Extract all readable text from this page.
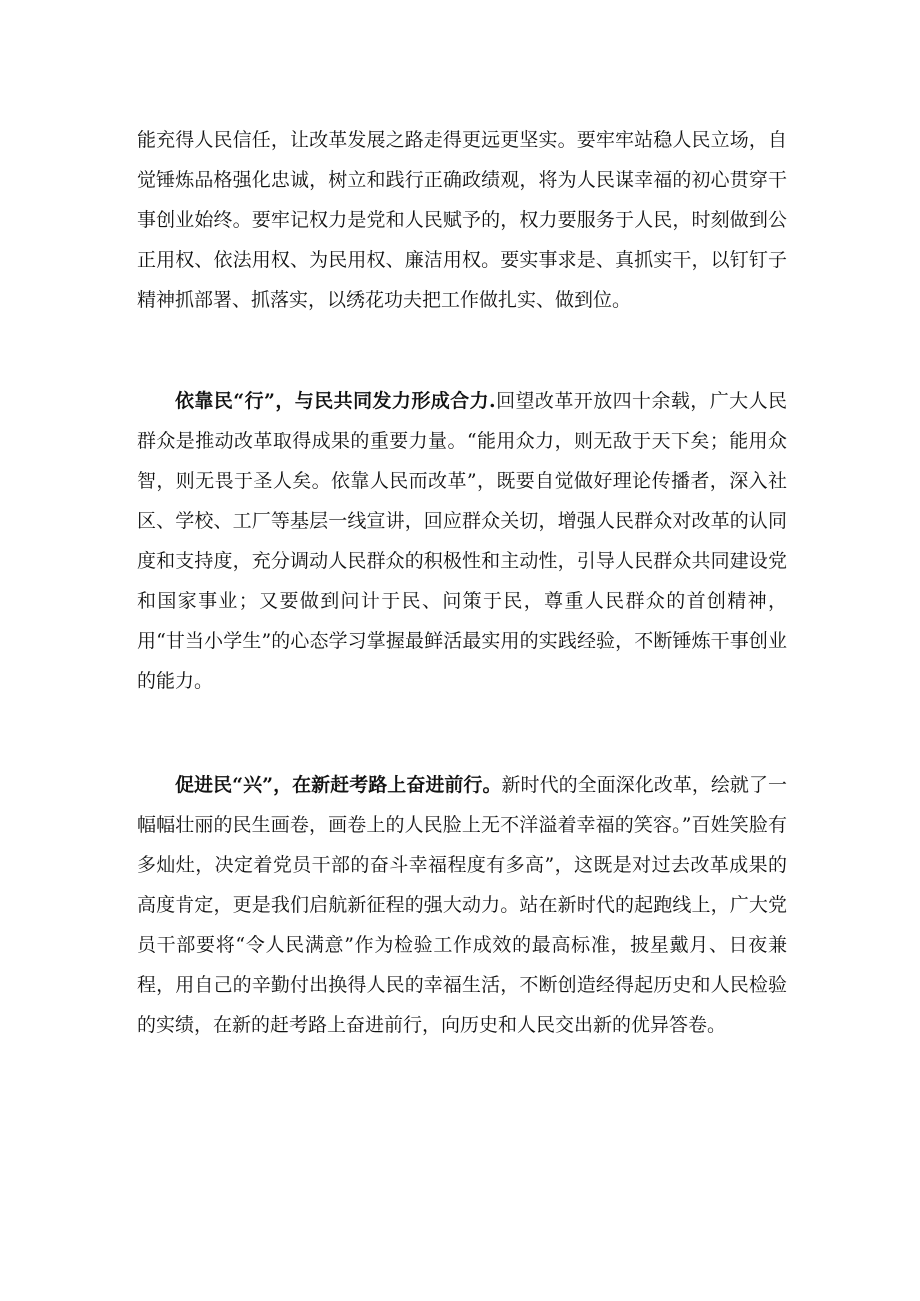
能充得人民信任，让改革发展之路走得更远更坚实。要牢牢站稳人民立场，自觉锤炼品格强化忠诚，树立和践行正确政绩观，将为人民谋幸福的初心贯穿干事创业始终。要牢记权力是党和人民赋予的，权力要服务于人民，时刻做到公正用权、依法用权、为民用权、廉洁用权。要实事求是、真抓实干，以钉钉子精神抓部署、抓落实，以绣花功夫把工作做扎实、做到位。

依靠民“行”，与民共同发力形成合力.回望改革开放四十余载，广大人民群众是推动改革取得成果的重要力量。“能用众力，则无敌于天下矣；能用众智，则无畏于圣人矣。依靠人民而改革”，既要自觉做好理论传播者，深入社区、学校、工厂等基层一线宣讲，回应群众关切，增强人民群众对改革的认同度和支持度，充分调动人民群众的积极性和主动性，引导人民群众共同建设党和国家事业；又要做到问计于民、问策于民，尊重人民群众的首创精神，用“甘当小学生”的心态学习掌握最鲜活最实用的实践经验，不断锤炼干事创业的能力。

促进民“兴”，在新赶考路上奋进前行。新时代的全面深化改革，绘就了一幅幅壮丽的民生画卷，画卷上的人民脸上无不洋溢着幸福的笑容。”百姓笑脸有多灿灶，决定着党员干部的奋斗幸福程度有多高”，这既是对过去改革成果的高度肯定，更是我们启航新征程的强大动力。站在新时代的起跑线上，广大党员干部要将“令人民满意”作为检验工作成效的最高标准，披星戴月、日夜兼程，用自己的辛勤付出换得人民的幸福生活，不断创造经得起历史和人民检验的实绩，在新的赶考路上奋进前行，向历史和人民交出新的优异答卷。
